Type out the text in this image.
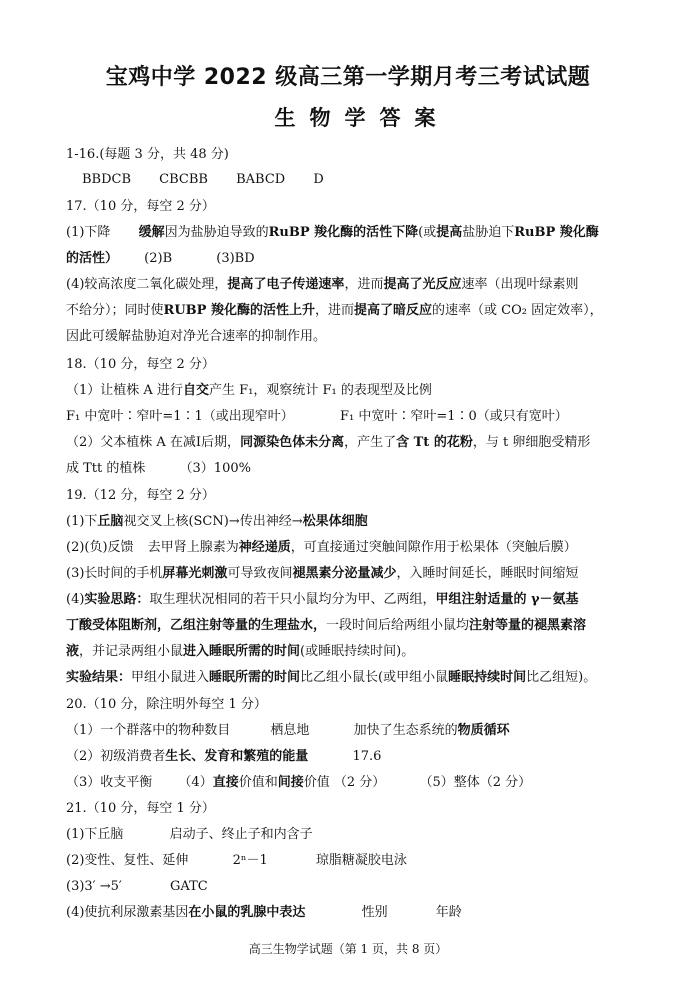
宝鸡中学 2022 级高三第一学期月考三考试试题
生物学答案
1-16.(每题 3 分，共 48 分)
BBDCB CBCBB BABCD D
17.（10 分，每空 2 分）
(1)下降 缓解因为盐胁迫导致的RuBP 羧化酶的活性下降(或提高盐胁迫下RuBP 羧化酶
的活性） (2)B	(3)BD
(4)较高浓度二氧化碳处理，提高了电子传递速率，进而提高了光反应速率（出现叶绿素则
不给分）；同时使RUBP 羧化酶的活性上升，进而提高了暗反应的速率（或 CO₂ 固定效率），
因此可缓解盐胁迫对净光合速率的抑制作用。
18.（10 分，每空 2 分）
（1）让植株 A 进行自交产生 F₁，观察统计 F₁ 的表现型及比例
F₁ 中宽叶∶窄叶=1∶1（或出现窄叶）	F₁ 中宽叶∶窄叶=1∶0（或只有宽叶）
（2）父本植株 A 在减Ⅰ后期，同源染色体未分离，产生了含 Tt 的花粉，与 t 卵细胞受精形
成 Ttt 的植株	（3）100%
19.（12 分，每空 2 分）
(1)下丘脑视交叉上核(SCN)→传出神经→松果体细胞
(2)(负)反馈 去甲肾上腺素为神经递质，可直接通过突触间隙作用于松果体（突触后膜）
(3)长时间的手机屏幕光刺激可导致夜间褪黑素分泌量减少，入睡时间延长，睡眠时间缩短
(4)实验思路：取生理状况相同的若干只小鼠均分为甲、乙两组，甲组注射适量的 γ－氨基
丁酸受体阻断剂，乙组注射等量的生理盐水，一段时间后给两组小鼠均注射等量的褪黑素溶
液，并记录两组小鼠进入睡眠所需的时间(或睡眠持续时间)。
实验结果：甲组小鼠进入睡眠所需的时间比乙组小鼠长(或甲组小鼠睡眠持续时间比乙组短)。
20.（10 分，除注明外每空 1 分）
（1）一个群落中的物种数目	栖息地	加快了生态系统的物质循环
（2）初级消费者生长、发育和繁殖的能量	17.6
（3）收支平衡 （4）直接价值和间接价值 （2 分）	（5）整体（2 分）
21.（10 分，每空 1 分）
(1)下丘脑	启动子、终止子和内含子
(2)变性、复性、延伸	2ⁿ－1	琼脂糖凝胶电泳
(3)3′ →5′	GATC
(4)使抗利尿激素基因在小鼠的乳腺中表达	性别	年龄
高三生物学试题（第 1 页，共 8 页）
